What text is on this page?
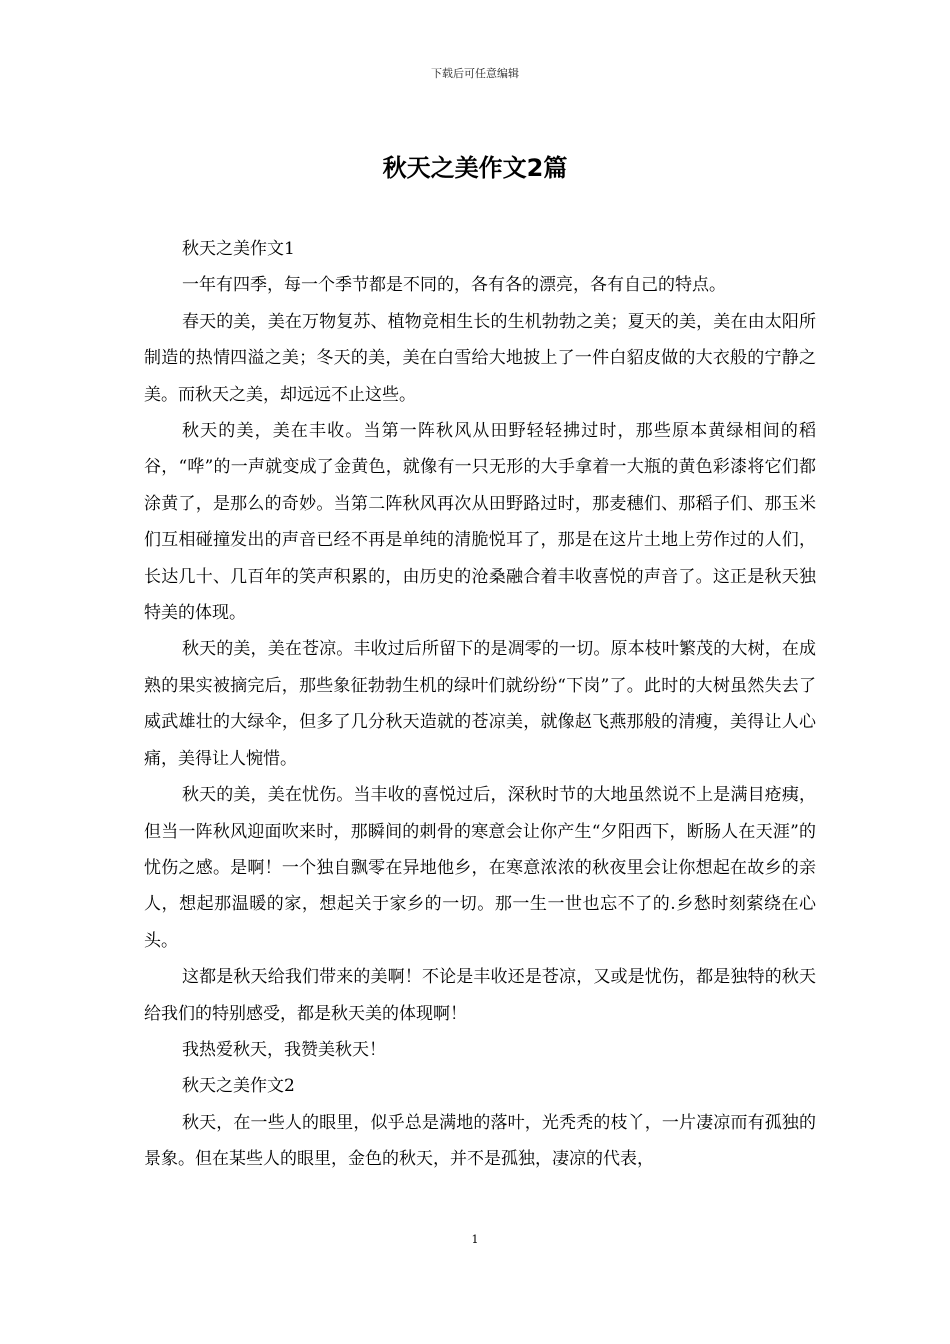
下载后可任意编辑
秋天之美作文2篇

秋天之美作文1

一年有四季，每一个季节都是不同的，各有各的漂亮，各有自己的特点。

春天的美，美在万物复苏、植物竞相生长的生机勃勃之美；夏天的美，美在由太阳所制造的热情四溢之美；冬天的美，美在白雪给大地披上了一件白貂皮做的大衣般的宁静之美。而秋天之美，却远远不止这些。

秋天的美，美在丰收。当第一阵秋风从田野轻轻拂过时，那些原本黄绿相间的稻谷，“哗”的一声就变成了金黄色，就像有一只无形的大手拿着一大瓶的黄色彩漆将它们都涂黄了，是那么的奇妙。当第二阵秋风再次从田野路过时，那麦穗们、那稻子们、那玉米们互相碰撞发出的声音已经不再是单纯的清脆悦耳了，那是在这片土地上劳作过的人们，长达几十、几百年的笑声积累的，由历史的沧桑融合着丰收喜悦的声音了。这正是秋天独特美的体现。

秋天的美，美在苍凉。丰收过后所留下的是凋零的一切。原本枝叶繁茂的大树，在成熟的果实被摘完后，那些象征勃勃生机的绿叶们就纷纷“下岗”了。此时的大树虽然失去了威武雄壮的大绿伞，但多了几分秋天造就的苍凉美，就像赵飞燕那般的清瘦，美得让人心痛，美得让人惋惜。

秋天的美，美在忧伤。当丰收的喜悦过后，深秋时节的大地虽然说不上是满目疮痍，但当一阵秋风迎面吹来时，那瞬间的刺骨的寒意会让你产生“夕阳西下，断肠人在天涯”的忧伤之感。是啊！一个独自飘零在异地他乡，在寒意浓浓的秋夜里会让你想起在故乡的亲人，想起那温暖的家，想起关于家乡的一切。那一生一世也忘不了的.乡愁时刻萦绕在心头。

这都是秋天给我们带来的美啊！不论是丰收还是苍凉，又或是忧伤，都是独特的秋天给我们的特别感受，都是秋天美的体现啊！

我热爱秋天，我赞美秋天！

秋天之美作文2

秋天，在一些人的眼里，似乎总是满地的落叶，光秃秃的枝丫，一片凄凉而有孤独的景象。但在某些人的眼里，金色的秋天，并不是孤独，凄凉的代表，

1
